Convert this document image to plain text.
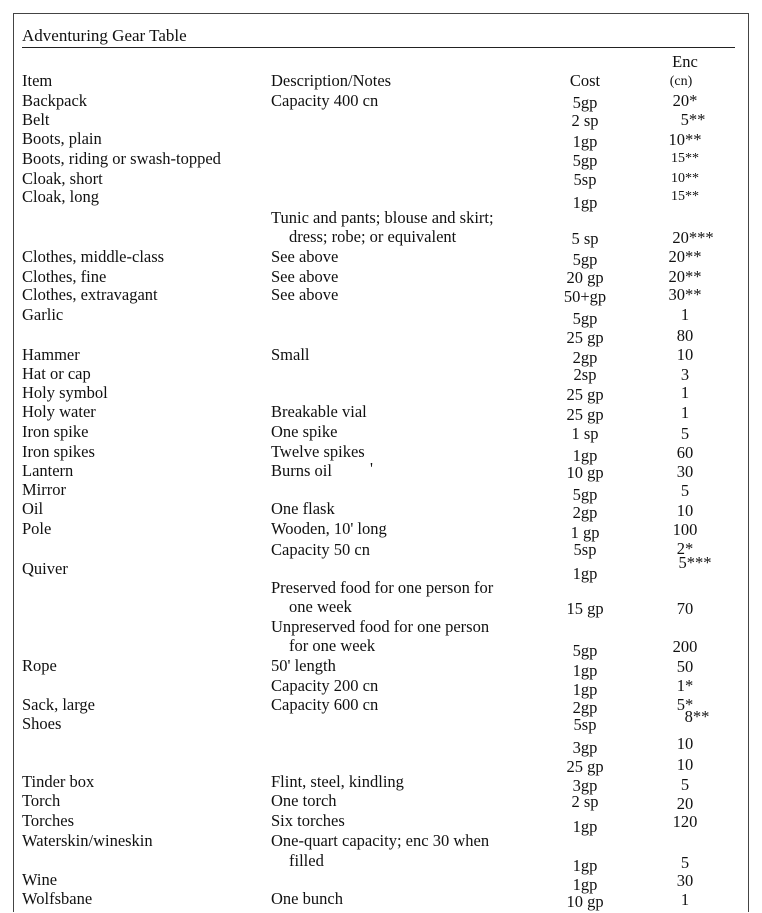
Adventuring Gear Table
Item	Description/Notes	Cost
Enc
(cn)
Backpack
Belt
Boots, plain
Boots, riding or swash-topped
Cloak, short
Cloak, long
Clothes, middle-class
Clothes, fine
Clothes, extravagant
Garlic
Hammer
Hat or cap
Holy symbol
Holy water
Iron spike
Iron spikes
Lantern
Mirror
Oil
Pole
Quiver
Rope
Sack, large
Shoes
Tinder box
Torch
Torches
Waterskin/wineskin
Wine
Wolfsbane
Capacity 400 cn
Tunic and pants; blouse and skirt;
dress; robe; or equivalent
See above
See above
See above
Small
Breakable vial
One spike
Twelve spikes
Burns oil
One flask
Wooden, 10' long
Capacity 50 cn
Preserved food for one person for
one week
Unpreserved food for one person
for one week
50' length
Capacity 200 cn
Capacity 600 cn
Flint, steel, kindling
One torch
Six torches
One-quart capacity; enc 30 when
filled
One bunch
5gp
2 sp
1gp
5gp
5sp
1gp
5 sp
5gp
20 gp
50+gp
5gp
25 gp
2gp
2sp
25 gp
25 gp
1 sp
1gp
10 gp
5gp
2gp
1 gp
5sp
1gp
15 gp
5gp
1gp
1gp
2gp
5sp
3gp
25 gp
3gp
2 sp
1gp
1gp
1gp
10 gp
20*
5**
10**
15**
10**
15**
20***
20**
20**
30**
1
80
10
3
1
1
5
60
30
5
10
100
2*
5***
70
200
50
1*
5*
8**
10
10
5
20
120
5
30
1
'
